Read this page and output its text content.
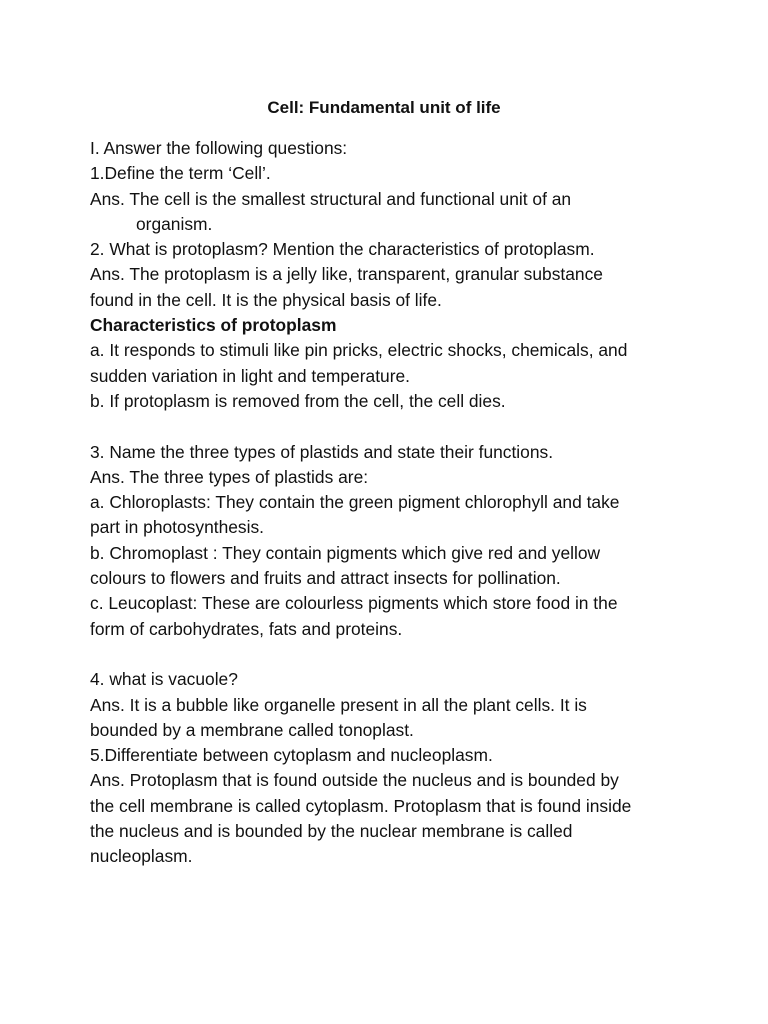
Cell: Fundamental unit of life
I. Answer the following questions:
1.Define the term ‘Cell’.
Ans. The cell is the smallest structural and functional unit of an
organism.
2. What is protoplasm? Mention the characteristics of protoplasm.
Ans. The protoplasm is a jelly like, transparent, granular substance
found in the cell. It is the physical basis of life.
Characteristics of protoplasm
a. It responds to stimuli like pin pricks, electric shocks, chemicals, and
sudden variation in light and temperature.
b. If protoplasm is removed from the cell, the cell dies.
3. Name the three types of plastids and state their functions.
Ans. The three types of plastids are:
a. Chloroplasts: They contain the green pigment chlorophyll and take
part in photosynthesis.
b. Chromoplast : They contain pigments which give red and yellow
colours to flowers and fruits and attract insects for pollination.
c. Leucoplast: These are colourless pigments which store food in the
form of carbohydrates, fats and proteins.
4. what is vacuole?
Ans. It is a bubble like organelle present in all the plant cells. It is
bounded by a membrane called tonoplast.
5.Differentiate between cytoplasm and nucleoplasm.
Ans. Protoplasm that is found outside the nucleus and is bounded by
the cell membrane is called cytoplasm. Protoplasm that is found inside
the nucleus and is bounded by the nuclear membrane is called
nucleoplasm.
